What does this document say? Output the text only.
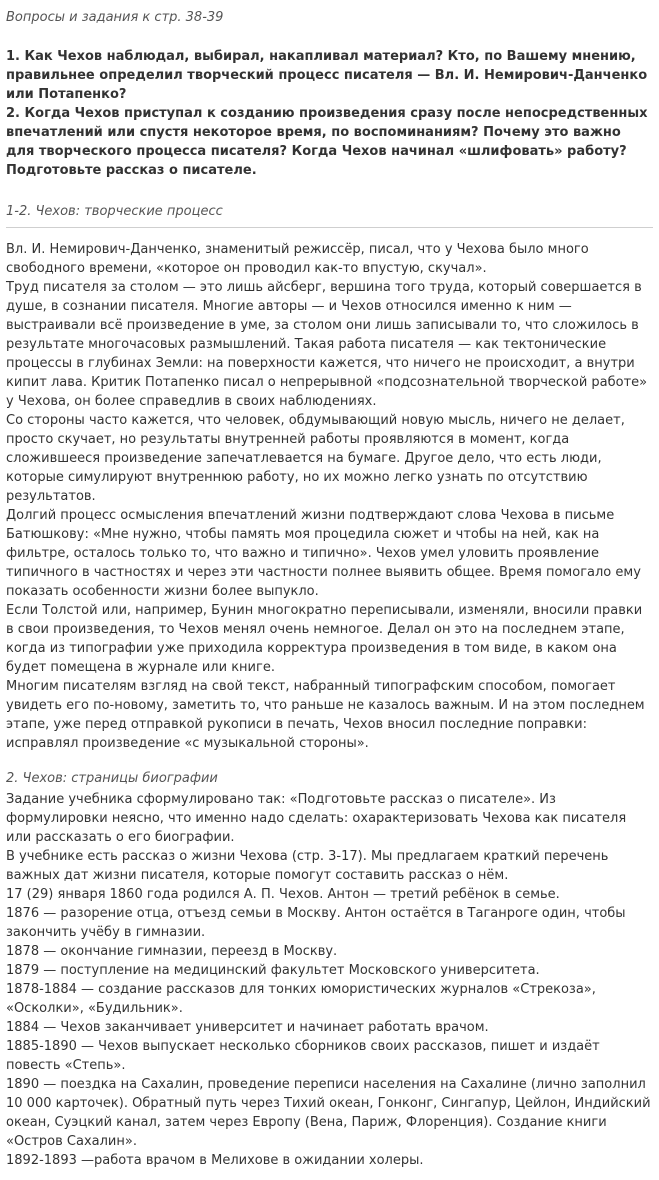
Вопросы и задания к стр. 38-39
1. Как Чехов наблюдал, выбирал, накапливал материал? Кто, по Вашему мнению, правильнее определил творческий процесс писателя — Вл. И. Немирович-Данченко или Потапенко?
2. Когда Чехов приступал к созданию произведения сразу после непосредственных впечатлений или спустя некоторое время, по воспоминаниям? Почему это важно для творческого процесса писателя? Когда Чехов начинал «шлифовать» работу? Подготовьте рассказ о писателе.
1-2. Чехов: творческие процесс
Вл. И. Немирович-Данченко, знаменитый режиссёр, писал, что у Чехова было много свободного времени, «которое он проводил как-то впустую, скучал».
Труд писателя за столом — это лишь айсберг, вершина того труда, который совершается в душе, в сознании писателя. Многие авторы — и Чехов относился именно к ним — выстраивали всё произведение в уме, за столом они лишь записывали то, что сложилось в результате многочасовых размышлений. Такая работа писателя — как тектонические процессы в глубинах Земли: на поверхности кажется, что ничего не происходит, а внутри кипит лава. Критик Потапенко писал о непрерывной «подсознательной творческой работе» у Чехова, он более справедлив в своих наблюдениях.
Со стороны часто кажется, что человек, обдумывающий новую мысль, ничего не делает, просто скучает, но результаты внутренней работы проявляются в момент, когда сложившееся произведение запечатлевается на бумаге. Другое дело, что есть люди, которые симулируют внутреннюю работу, но их можно легко узнать по отсутствию результатов.
Долгий процесс осмысления впечатлений жизни подтверждают слова Чехова в письме Батюшкову: «Мне нужно, чтобы память моя процедила сюжет и чтобы на ней, как на фильтре, осталось только то, что важно и типично». Чехов умел уловить проявление типичного в частностях и через эти частности полнее выявить общее. Время помогало ему показать особенности жизни более выпукло.
Если Толстой или, например, Бунин многократно переписывали, изменяли, вносили правки в свои произведения, то Чехов менял очень немногое. Делал он это на последнем этапе, когда из типографии уже приходила корректура произведения в том виде, в каком она будет помещена в журнале или книге.
Многим писателям взгляд на свой текст, набранный типографским способом, помогает увидеть его по-новому, заметить то, что раньше не казалось важным. И на этом последнем этапе, уже перед отправкой рукописи в печать, Чехов вносил последние поправки: исправлял произведение «с музыкальной стороны».
2. Чехов: страницы биографии
Задание учебника сформулировано так: «Подготовьте рассказ о писателе». Из формулировки неясно, что именно надо сделать: охарактеризовать Чехова как писателя или рассказать о его биографии.
В учебнике есть рассказ о жизни Чехова (стр. 3-17). Мы предлагаем краткий перечень важных дат жизни писателя, которые помогут составить рассказ о нём.
17 (29) января 1860 года родился А. П. Чехов. Антон — третий ребёнок в семье.
1876 — разорение отца, отъезд семьи в Москву. Антон остаётся в Таганроге один, чтобы закончить учёбу в гимназии.
1878 — окончание гимназии, переезд в Москву.
1879 — поступление на медицинский факультет Московского университета.
1878-1884 — создание рассказов для тонких юмористических журналов «Стрекоза», «Осколки», «Будильник».
1884 — Чехов заканчивает университет и начинает работать врачом.
1885-1890 — Чехов выпускает несколько сборников своих рассказов, пишет и издаёт повесть «Степь».
1890 — поездка на Сахалин, проведение переписи населения на Сахалине (лично заполнил 10 000 карточек). Обратный путь через Тихий океан, Гонконг, Сингапур, Цейлон, Индийский океан, Суэцкий канал, затем через Европу (Вена, Париж, Флоренция). Создание книги «Остров Сахалин».
1892-1893 —работа врачом в Мелихове в ожидании холеры.
